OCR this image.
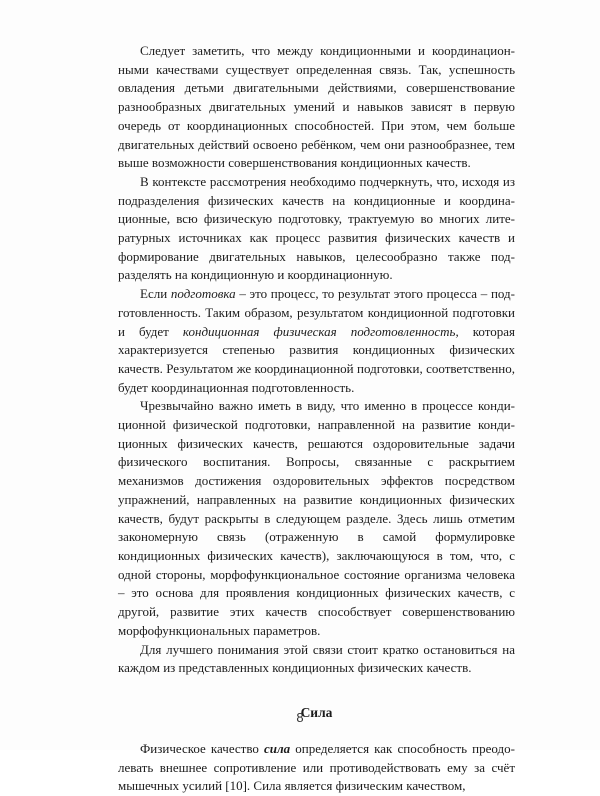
Следует заметить, что между кондиционными и координационными качествами существует определенная связь. Так, успешность овладения детьми двигательными действиями, совершенствование разнообразных двигательных умений и навыков зависят в первую очередь от координационных способностей. При этом, чем больше двигательных действий освоено ребёнком, чем они разнообразнее, тем выше возможности совершенствования кондиционных качеств.

В контексте рассмотрения необходимо подчеркнуть, что, исходя из подразделения физических качеств на кондиционные и координационные, всю физическую подготовку, трактуемую во многих литературных источниках как процесс развития физических качеств и формирование двигательных навыков, целесообразно также подразделять на кондиционную и координационную.

Если подготовка – это процесс, то результат этого процесса – подготовленность. Таким образом, результатом кондиционной подготовки и будет кондиционная физическая подготовленность, которая характеризуется степенью развития кондиционных физических качеств. Результатом же координационной подготовки, соответственно, будет координационная подготовленность.

Чрезвычайно важно иметь в виду, что именно в процессе кондиционной физической подготовки, направленной на развитие кондиционных физических качеств, решаются оздоровительные задачи физического воспитания. Вопросы, связанные с раскрытием механизмов достижения оздоровительных эффектов посредством упражнений, направленных на развитие кондиционных физических качеств, будут раскрыты в следующем разделе. Здесь лишь отметим закономерную связь (отраженную в самой формулировке кондиционных физических качеств), заключающуюся в том, что, с одной стороны, морфофункциональное состояние организма человека – это основа для проявления кондиционных физических качеств, с другой, развитие этих качеств способствует совершенствованию морфофункциональных параметров.

Для лучшего понимания этой связи стоит кратко остановиться на каждом из представленных кондиционных физических качеств.

Сила

Физическое качество сила определяется как способность преодолевать внешнее сопротивление или противодействовать ему за счёт мышечных усилий [10]. Сила является физическим качеством,

8
